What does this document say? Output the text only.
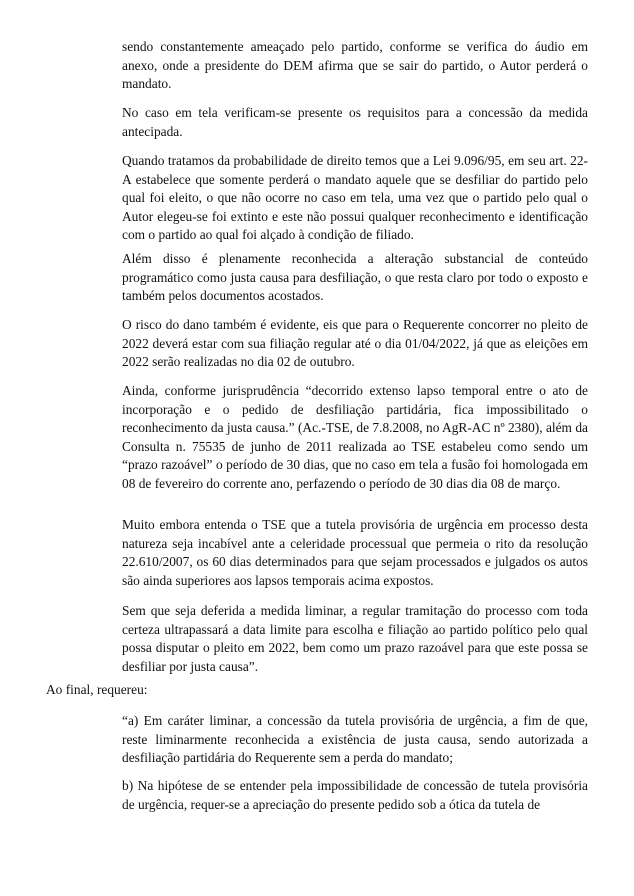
sendo constantemente ameaçado pelo partido, conforme se verifica do áudio em anexo, onde a presidente do DEM afirma que se sair do partido, o Autor perderá o mandato.

No caso em tela verificam-se presente os requisitos para a concessão da medida antecipada.

Quando tratamos da probabilidade de direito temos que a Lei 9.096/95, em seu art. 22-A estabelece que somente perderá o mandato aquele que se desfiliar do partido pelo qual foi eleito, o que não ocorre no caso em tela, uma vez que o partido pelo qual o Autor elegeu-se foi extinto e este não possui qualquer reconhecimento e identificação com o partido ao qual foi alçado à condição de filiado.

Além disso é plenamente reconhecida a alteração substancial de conteúdo programático como justa causa para desfiliação, o que resta claro por todo o exposto e também pelos documentos acostados.

O risco do dano também é evidente, eis que para o Requerente concorrer no pleito de 2022 deverá estar com sua filiação regular até o dia 01/04/2022, já que as eleições em 2022 serão realizadas no dia 02 de outubro.

Ainda, conforme jurisprudência “decorrido extenso lapso temporal entre o ato de incorporação e o pedido de desfiliação partidária, fica impossibilitado o reconhecimento da justa causa.” (Ac.-TSE, de 7.8.2008, no AgR-AC nº 2380), além da Consulta n. 75535 de junho de 2011 realizada ao TSE estabeleu como sendo um “prazo razoável” o período de 30 dias, que no caso em tela a fusão foi homologada em 08 de fevereiro do corrente ano, perfazendo o período de 30 dias dia 08 de março.

Muito embora entenda o TSE que a tutela provisória de urgência em processo desta natureza seja incabível ante a celeridade processual que permeia o rito da resolução 22.610/2007, os 60 dias determinados para que sejam processados e julgados os autos são ainda superiores aos lapsos temporais acima expostos.

Sem que seja deferida a medida liminar, a regular tramitação do processo com toda certeza ultrapassará a data limite para escolha e filiação ao partido político pelo qual possa disputar o pleito em 2022, bem como um prazo razoável para que este possa se desfiliar por justa causa”.

Ao final, requereu:

“a) Em caráter liminar, a concessão da tutela provisória de urgência, a fim de que, reste liminarmente reconhecida a existência de justa causa, sendo autorizada a desfiliação partidária do Requerente sem a perda do mandato;

b) Na hipótese de se entender pela impossibilidade de concessão de tutela provisória de urgência, requer-se a apreciação do presente pedido sob a ótica da tutela de
